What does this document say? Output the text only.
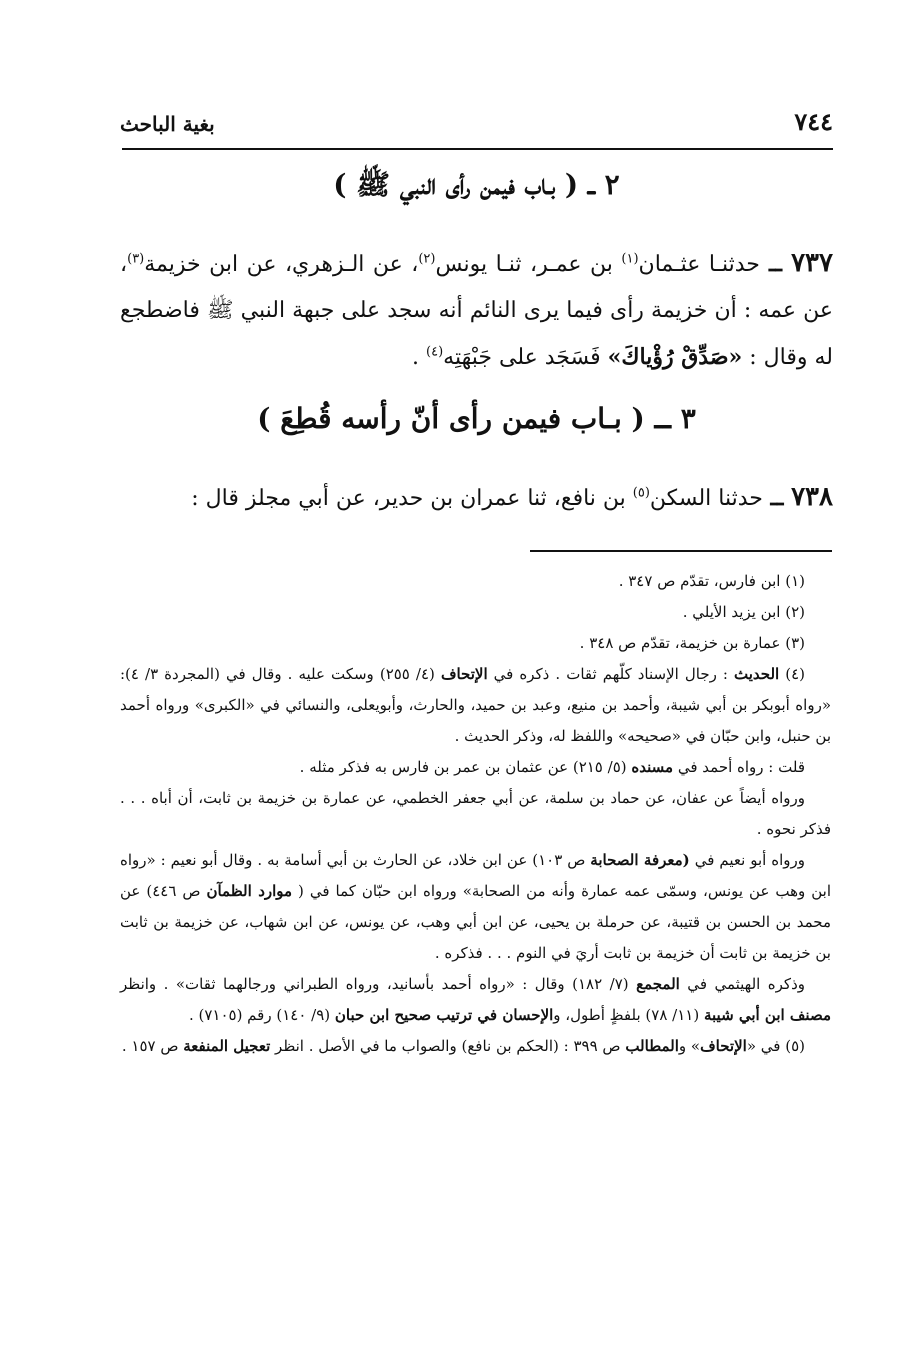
٧٤٤
بغية الباحث
٢ ــ ( بـاب فيمن رأى النبي ﷺ )
٧٣٧ ــ حدثنـا عثـمان$^{(١)}$ بن عمـر، ثنـا يونس$^{(٢)}$، عن الـزهري، عن ابن خزيمة$^{(٣)}$، عن عمه : أن خزيمة رأى فيما يرى النائم أنه سجد على جبهة النبي ﷺ فاضطجع له وقال : «صَدِّقْ رُؤْياكَ» فَسَجَد على جَبْهَتِه$^{(٤)}$ .
٣ ــ ( بـاب فيمن رأى أنّ رأسه قُطِعَ )
٧٣٨ ــ حدثنا السكن$^{(٥)}$ بن نافع، ثنا عمران بن حدير، عن أبي مجلز قال :

(١) ابن فارس، تقدّم ص ٣٤٧ .

(٢) ابن يزيد الأيلي .

(٣) عمارة بن خزيمة، تقدّم ص ٣٤٨ .

(٤) الحديث : رجال الإسناد كلّهم ثقات . ذكره في الإتحاف (٤/ ٢٥٥) وسكت عليه . وقال في (المجردة ٣/ ٤): «رواه أبوبكر بن أبي شيبة، وأحمد بن منيع، وعبد بن حميد، والحارث، وأبويعلى، والنسائي في «الكبرى» ورواه أحمد بن حنبل، وابن حبّان في «صحيحه» واللفظ له، وذكر الحديث .

قلت : رواه أحمد في مسنده (٥/ ٢١٥) عن عثمان بن عمر بن فارس به فذكر مثله .

ورواه أيضاً عن عفان، عن حماد بن سلمة، عن أبي جعفر الخطمي، عن عمارة بن خزيمة بن ثابت، أن أباه . . . فذكر نحوه .

ورواه أبو نعيم في (معرفة الصحابة ص ١٠٣) عن ابن خلاد، عن الحارث بن أبي أسامة به . وقال أبو نعيم : «رواه ابن وهب عن يونس، وسمّى عمه عمارة وأنه من الصحابة» ورواه ابن حبّان كما في ( موارد الظمآن ص ٤٤٦) عن محمد بن الحسن بن قتيبة، عن حرملة بن يحيى، عن ابن أبي وهب، عن يونس، عن ابن شهاب، عن خزيمة بن ثابت بن خزيمة بن ثابت أن خزيمة بن ثابت أريَ في النوم . . . فذكره .

وذكره الهيثمي في المجمع (٧/ ١٨٢) وقال : «رواه أحمد بأسانيد، ورواه الطبراني ورجالهما ثقات» . وانظر مصنف ابن أبي شيبة (١١/ ٧٨) بلفظٍ أطول، والإحسان في ترتيب صحيح ابن حبان (٩/ ١٤٠) رقم (٧١٠٥) .

(٥) في «الإتحاف» والمطالب ص ٣٩٩ : (الحكم بن نافع) والصواب ما في الأصل . انظر تعجيل المنفعة ص ١٥٧ .
